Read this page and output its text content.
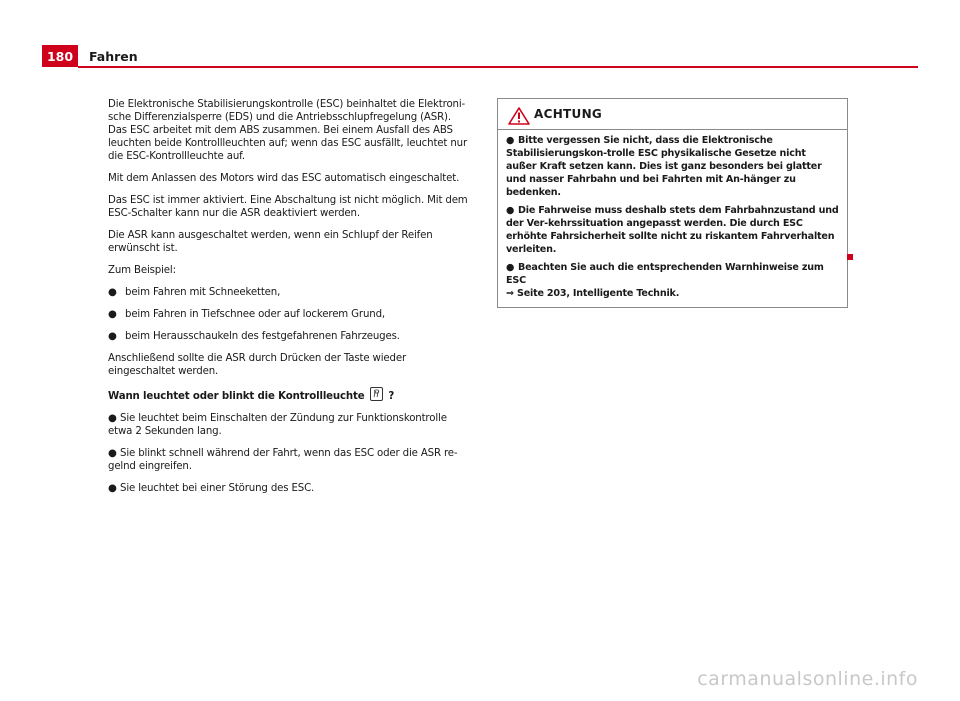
180	Fahren

Die Elektronische Stabilisierungskontrolle (ESC) beinhaltet die Elektroni-sche Differenzialsperre (EDS) und die Antriebsschlupfregelung (ASR). Das ESC arbeitet mit dem ABS zusammen. Bei einem Ausfall des ABS leuchten beide Kontrollleuchten auf; wenn das ESC ausfällt, leuchtet nur die ESC-Kontrollleuchte auf.

Mit dem Anlassen des Motors wird das ESC automatisch eingeschaltet.

Das ESC ist immer aktiviert. Eine Abschaltung ist nicht möglich. Mit dem ESC-Schalter kann nur die ASR deaktiviert werden.

Die ASR kann ausgeschaltet werden, wenn ein Schlupf der Reifen erwünscht ist.

Zum Beispiel:

● beim Fahren mit Schneeketten,
● beim Fahren in Tiefschnee oder auf lockerem Grund,
● beim Herausschaukeln des festgefahrenen Fahrzeuges.

Anschließend sollte die ASR durch Drücken der Taste wieder eingeschaltet werden.

Wann leuchtet oder blinkt die Kontrollleuchte ?
● Sie leuchtet beim Einschalten der Zündung zur Funktionskontrolle etwa 2 Sekunden lang.
● Sie blinkt schnell während der Fahrt, wenn das ESC oder die ASR re-gelnd eingreifen.
● Sie leuchtet bei einer Störung des ESC.
ACHTUNG

● Bitte vergessen Sie nicht, dass die Elektronische Stabilisierungskon-trolle ESC physikalische Gesetze nicht außer Kraft setzen kann. Dies ist ganz besonders bei glatter und nasser Fahrbahn und bei Fahrten mit An-hänger zu bedenken.

● Die Fahrweise muss deshalb stets dem Fahrbahnzustand und der Ver-kehrssituation angepasst werden. Die durch ESC erhöhte Fahrsicherheit sollte nicht zu riskantem Fahrverhalten verleiten.

● Beachten Sie auch die entsprechenden Warnhinweise zum ESC
⇒ Seite 203, Intelligente Technik.

carmanualsonline.info
